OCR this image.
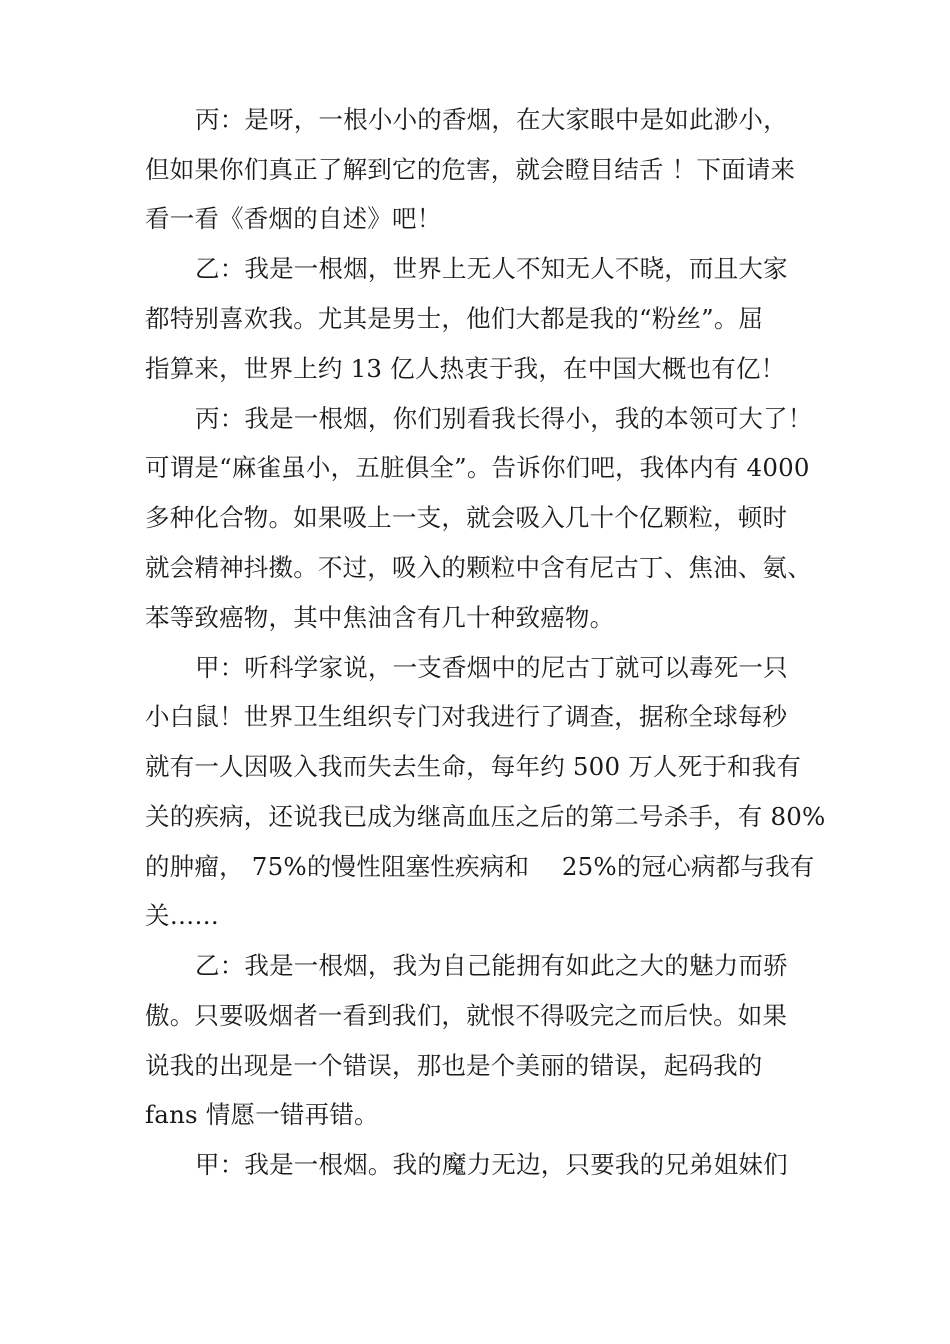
丙：是呀，一根小小的香烟，在大家眼中是如此渺小，
但如果你们真正了解到它的危害，就会瞪目结舌 ！下面请来
看一看《香烟的自述》吧！
乙：我是一根烟，世界上无人不知无人不晓，而且大家
都特别喜欢我。尤其是男士，他们大都是我的“粉丝”。屈
指算来，世界上约 13 亿人热衷于我，在中国大概也有亿！
丙：我是一根烟，你们别看我长得小，我的本领可大了！
可谓是“麻雀虽小，五脏俱全”。告诉你们吧，我体内有 4000
多种化合物。如果吸上一支，就会吸入几十个亿颗粒，顿时
就会精神抖擞。不过，吸入的颗粒中含有尼古丁、焦油、氨、
苯等致癌物，其中焦油含有几十种致癌物。
甲：听科学家说，一支香烟中的尼古丁就可以毒死一只
小白鼠！世界卫生组织专门对我进行了调查，据称全球每秒
就有一人因吸入我而失去生命，每年约 500 万人死于和我有
关的疾病，还说我已成为继高血压之后的第二号杀手，有 80%
的肿瘤， 75%的慢性阻塞性疾病和　 25%的冠心病都与我有
关……
乙：我是一根烟，我为自己能拥有如此之大的魅力而骄
傲。只要吸烟者一看到我们，就恨不得吸完之而后快。如果
说我的出现是一个错误，那也是个美丽的错误，起码我的
fans 情愿一错再错。
甲：我是一根烟。我的魔力无边，只要我的兄弟姐妹们
